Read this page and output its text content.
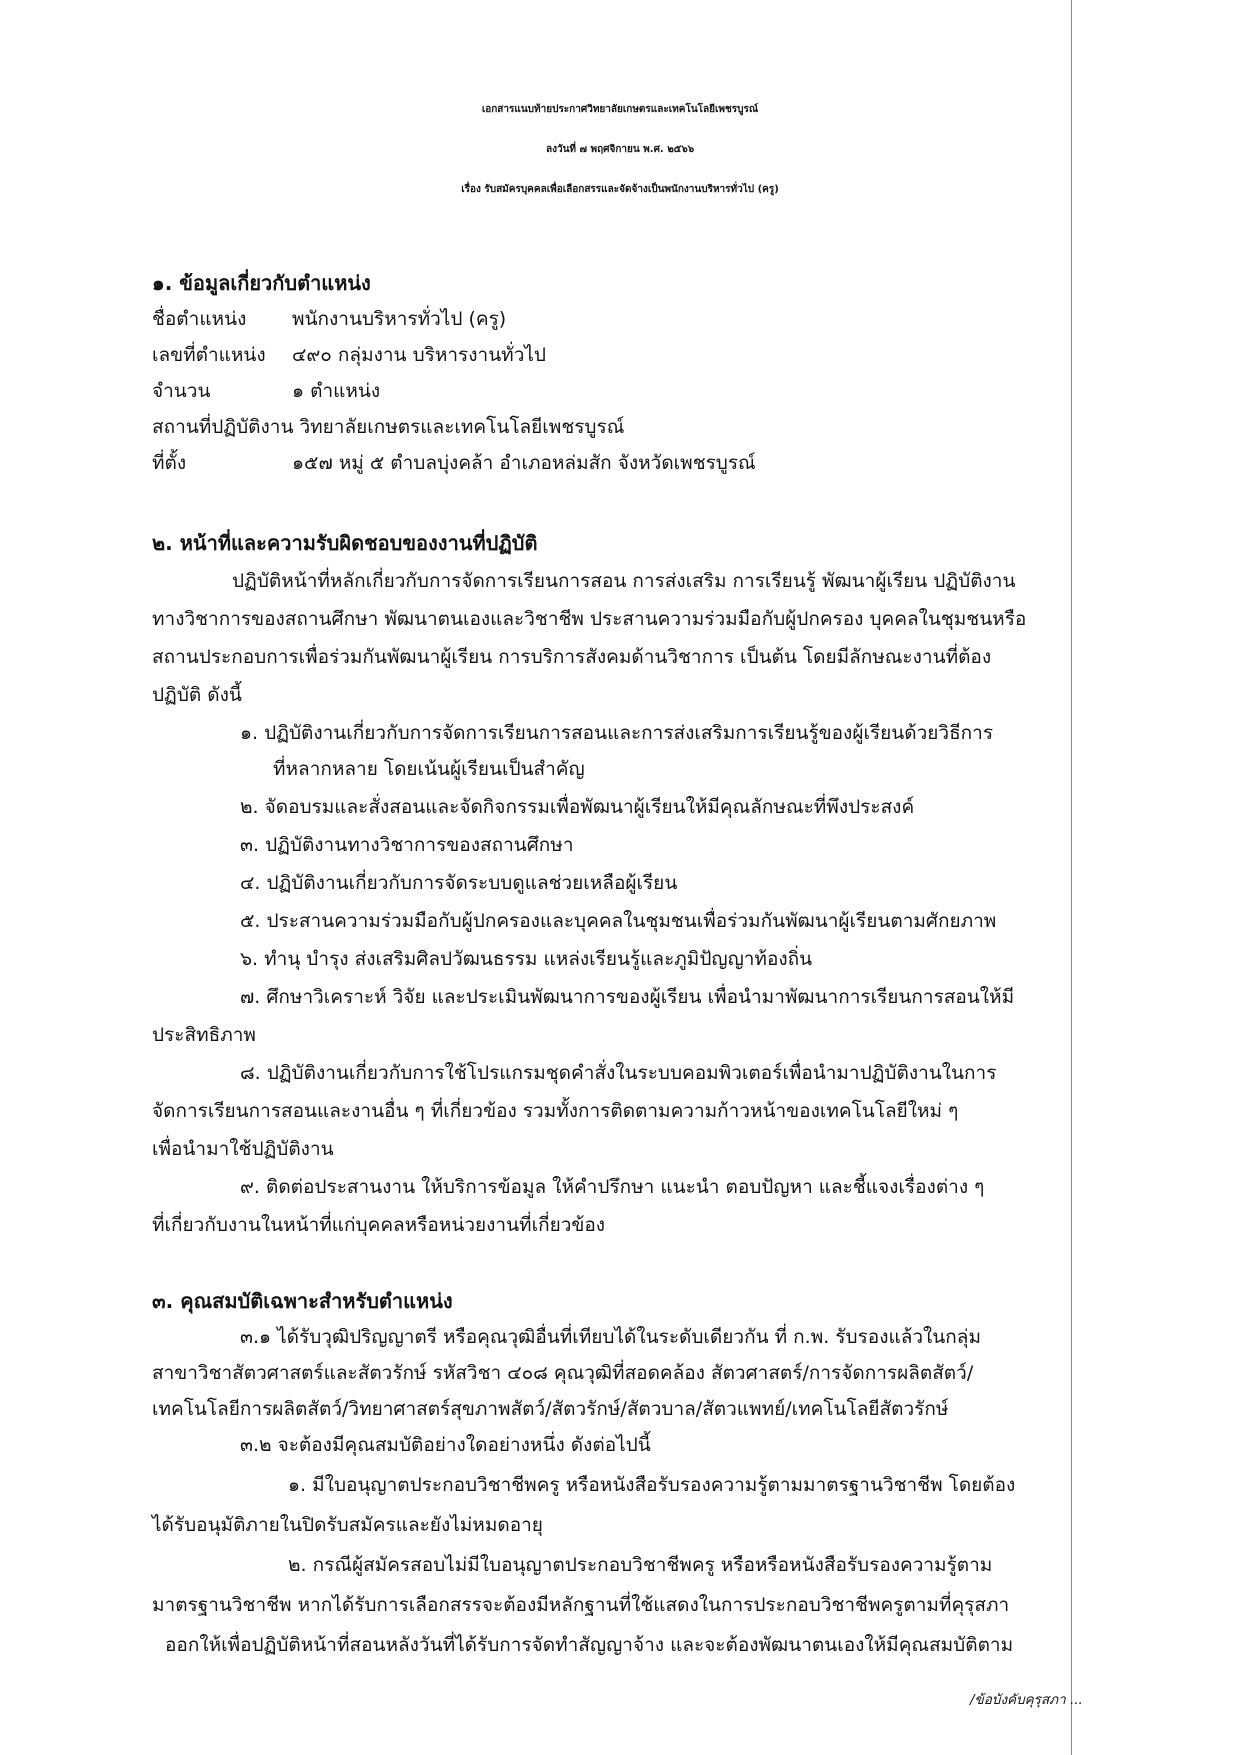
เอกสารแนบท้ายประกาศวิทยาลัยเกษตรและเทคโนโลยีเพชรบูรณ์
ลงวันที่ ๗ พฤศจิกายน พ.ศ. ๒๕๖๖
เรื่อง รับสมัครบุคคลเพื่อเลือกสรรและจัดจ้างเป็นพนักงานบริหารทั่วไป (ครู)
๑. ข้อมูลเกี่ยวกับตำแหน่ง
ชื่อตำแหน่ง พนักงานบริหารทั่วไป (ครู)
เลขที่ตำแหน่ง ๔๙๐ กลุ่มงาน บริหารงานทั่วไป
จำนวน	๑ ตำแหน่ง
สถานที่ปฏิบัติงาน วิทยาลัยเกษตรและเทคโนโลยีเพชรบูรณ์
ที่ตั้ง	๑๕๗ หมู่ ๕ ตำบลบุ่งคล้า อำเภอหล่มสัก จังหวัดเพชรบูรณ์
๒. หน้าที่และความรับผิดชอบของงานที่ปฏิบัติ
ปฏิบัติหน้าที่หลักเกี่ยวกับการจัดการเรียนการสอน การส่งเสริม การเรียนรู้ พัฒนาผู้เรียน ปฏิบัติงาน
ทางวิชาการของสถานศึกษา พัฒนาตนเองและวิชาชีพ ประสานความร่วมมือกับผู้ปกครอง บุคคลในชุมชนหรือ
สถานประกอบการเพื่อร่วมกันพัฒนาผู้เรียน การบริการสังคมด้านวิชาการ เป็นต้น โดยมีลักษณะงานที่ต้อง
ปฏิบัติ ดังนี้
๑. ปฏิบัติงานเกี่ยวกับการจัดการเรียนการสอนและการส่งเสริมการเรียนรู้ของผู้เรียนด้วยวิธีการ
ที่หลากหลาย โดยเน้นผู้เรียนเป็นสำคัญ
๒. จัดอบรมและสั่งสอนและจัดกิจกรรมเพื่อพัฒนาผู้เรียนให้มีคุณลักษณะที่พึงประสงค์
๓. ปฏิบัติงานทางวิชาการของสถานศึกษา
๔. ปฏิบัติงานเกี่ยวกับการจัดระบบดูแลช่วยเหลือผู้เรียน
๕. ประสานความร่วมมือกับผู้ปกครองและบุคคลในชุมชนเพื่อร่วมกันพัฒนาผู้เรียนตามศักยภาพ
๖. ทำนุ บำรุง ส่งเสริมศิลปวัฒนธรรม แหล่งเรียนรู้และภูมิปัญญาท้องถิ่น
๗. ศึกษาวิเคราะห์ วิจัย และประเมินพัฒนาการของผู้เรียน เพื่อนำมาพัฒนาการเรียนการสอนให้มี
ประสิทธิภาพ
๘. ปฏิบัติงานเกี่ยวกับการใช้โปรแกรมชุดคำสั่งในระบบคอมพิวเตอร์เพื่อนำมาปฏิบัติงานในการ
จัดการเรียนการสอนและงานอื่น ๆ ที่เกี่ยวข้อง รวมทั้งการติดตามความก้าวหน้าของเทคโนโลยีใหม่ ๆ
เพื่อนำมาใช้ปฏิบัติงาน
๙. ติดต่อประสานงาน ให้บริการข้อมูล ให้คำปรึกษา แนะนำ ตอบปัญหา และชี้แจงเรื่องต่าง ๆ
ที่เกี่ยวกับงานในหน้าที่แก่บุคคลหรือหน่วยงานที่เกี่ยวข้อง
๓. คุณสมบัติเฉพาะสำหรับตำแหน่ง
๓.๑ ได้รับวุฒิปริญญาตรี หรือคุณวุฒิอื่นที่เทียบได้ในระดับเดียวกัน ที่ ก.พ. รับรองแล้วในกลุ่ม
สาขาวิชาสัตวศาสตร์และสัตวรักษ์ รหัสวิชา ๔๐๘ คุณวุฒิที่สอดคล้อง สัตวศาสตร์/การจัดการผลิตสัตว์/
เทคโนโลยีการผลิตสัตว์/วิทยาศาสตร์สุขภาพสัตว์/สัตวรักษ์/สัตวบาล/สัตวแพทย์/เทคโนโลยีสัตวรักษ์
๓.๒ จะต้องมีคุณสมบัติอย่างใดอย่างหนึ่ง ดังต่อไปนี้
๑. มีใบอนุญาตประกอบวิชาชีพครู หรือหนังสือรับรองความรู้ตามมาตรฐานวิชาชีพ โดยต้อง
ได้รับอนุมัติภายในปิดรับสมัครและยังไม่หมดอายุ
๒. กรณีผู้สมัครสอบไม่มีใบอนุญาตประกอบวิชาชีพครู หรือหรือหนังสือรับรองความรู้ตาม
มาตรฐานวิชาชีพ หากได้รับการเลือกสรรจะต้องมีหลักฐานที่ใช้แสดงในการประกอบวิชาชีพครูตามที่คุรุสภา
ออกให้เพื่อปฏิบัติหน้าที่สอนหลังวันที่ได้รับการจัดทำสัญญาจ้าง และจะต้องพัฒนาตนเองให้มีคุณสมบัติตาม
/ข้อบังคับคุรุสภา ...
